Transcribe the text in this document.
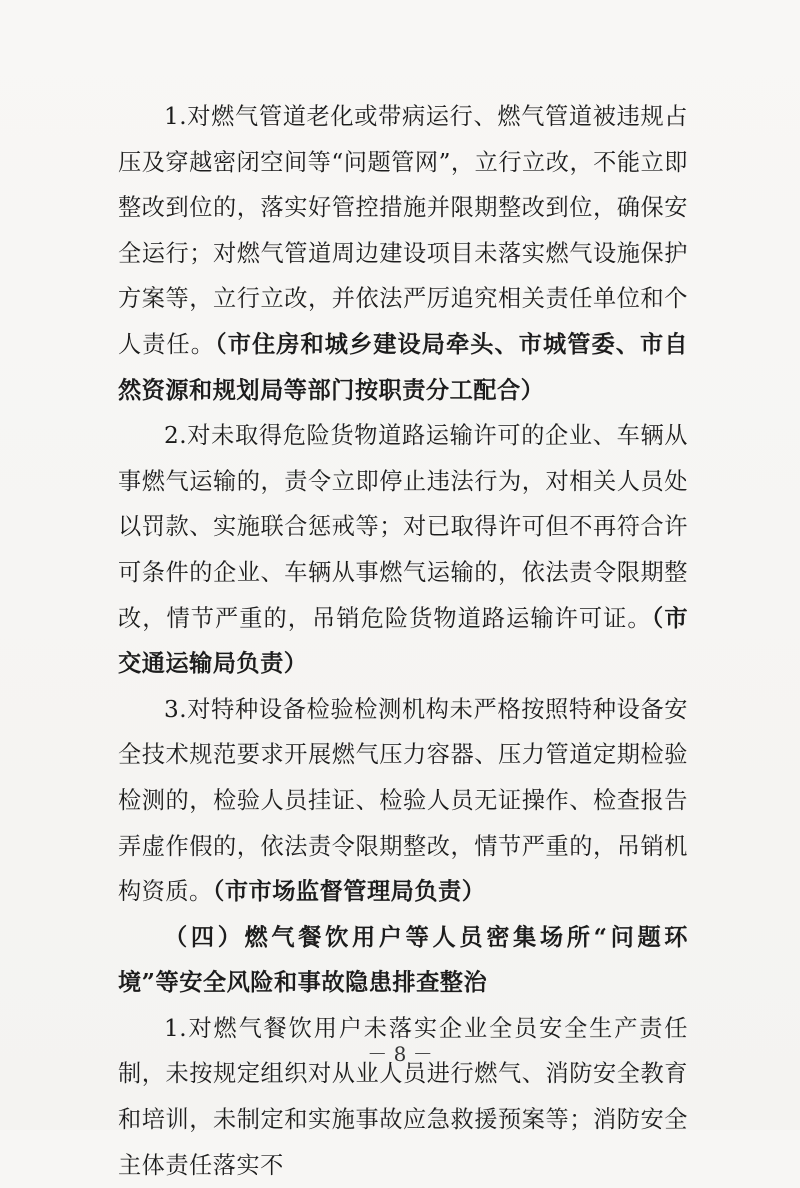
1.对燃气管道老化或带病运行、燃气管道被违规占压及穿越密闭空间等“问题管网”，立行立改，不能立即整改到位的，落实好管控措施并限期整改到位，确保安全运行；对燃气管道周边建设项目未落实燃气设施保护方案等，立行立改，并依法严厉追究相关责任单位和个人责任。（市住房和城乡建设局牵头、市城管委、市自然资源和规划局等部门按职责分工配合）

2.对未取得危险货物道路运输许可的企业、车辆从事燃气运输的，责令立即停止违法行为，对相关人员处以罚款、实施联合惩戒等；对已取得许可但不再符合许可条件的企业、车辆从事燃气运输的，依法责令限期整改，情节严重的，吊销危险货物道路运输许可证。（市交通运输局负责）

3.对特种设备检验检测机构未严格按照特种设备安全技术规范要求开展燃气压力容器、压力管道定期检验检测的，检验人员挂证、检验人员无证操作、检查报告弄虚作假的，依法责令限期整改，情节严重的，吊销机构资质。（市市场监督管理局负责）

（四）燃气餐饮用户等人员密集场所“问题环境”等安全风险和事故隐患排查整治

1.对燃气餐饮用户未落实企业全员安全生产责任制，未按规定组织对从业人员进行燃气、消防安全教育和培训，未制定和实施事故应急救援预案等；消防安全主体责任落实不

－ 8 －
